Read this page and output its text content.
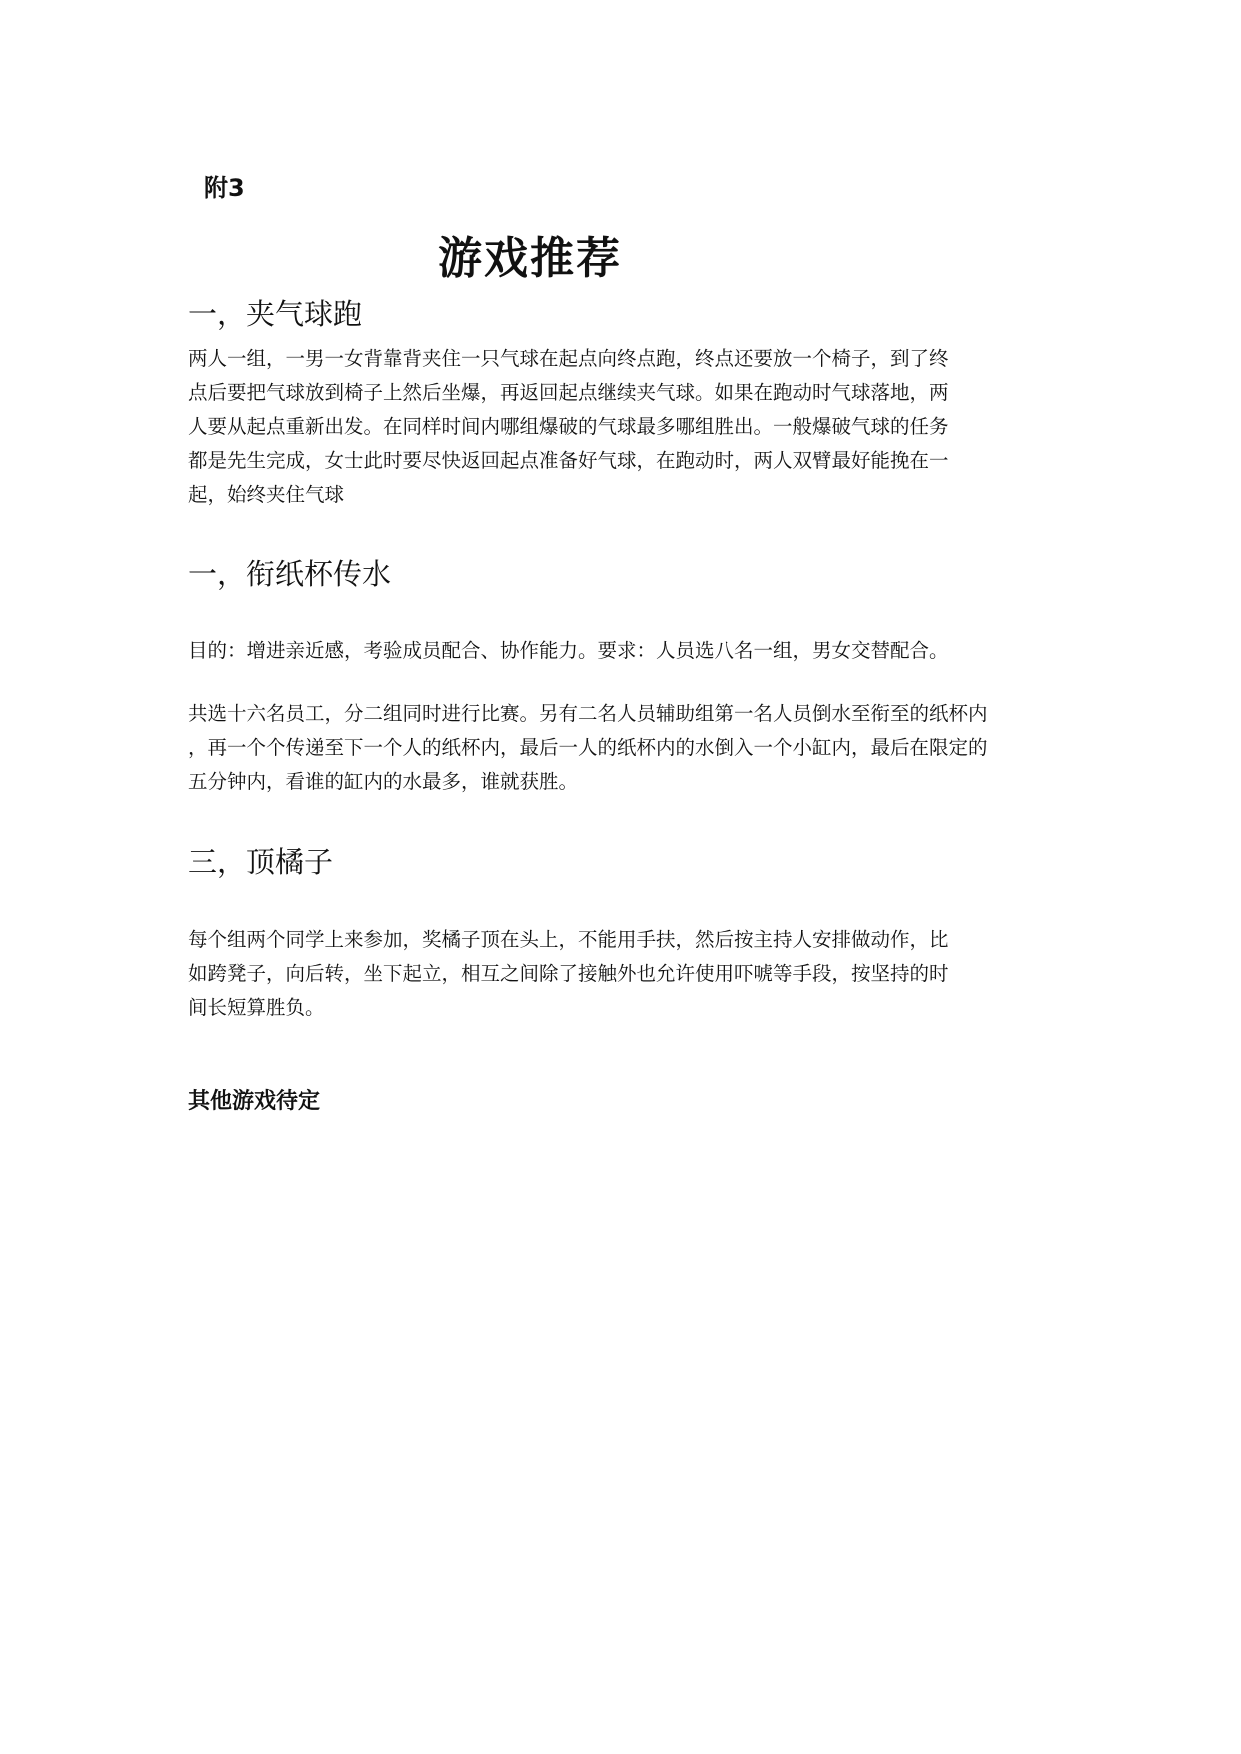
附3
游戏推荐
一，夹气球跑
两人一组，一男一女背靠背夹住一只气球在起点向终点跑，终点还要放一个椅子，到了终
点后要把气球放到椅子上然后坐爆，再返回起点继续夹气球。如果在跑动时气球落地，两
人要从起点重新出发。在同样时间内哪组爆破的气球最多哪组胜出。一般爆破气球的任务
都是先生完成，女士此时要尽快返回起点准备好气球，在跑动时，两人双臂最好能挽在一
起，始终夹住气球
一，衔纸杯传水
目的：增进亲近感，考验成员配合、协作能力。要求：人员选八名一组，男女交替配合。
共选十六名员工，分二组同时进行比赛。另有二名人员辅助组第一名人员倒水至衔至的纸杯内
，再一个个传递至下一个人的纸杯内，最后一人的纸杯内的水倒入一个小缸内，最后在限定的
五分钟内，看谁的缸内的水最多，谁就获胜。
三，顶橘子
每个组两个同学上来参加，奖橘子顶在头上，不能用手扶，然后按主持人安排做动作，比
如跨凳子，向后转，坐下起立，相互之间除了接触外也允许使用吓唬等手段，按坚持的时
间长短算胜负。
其他游戏待定
